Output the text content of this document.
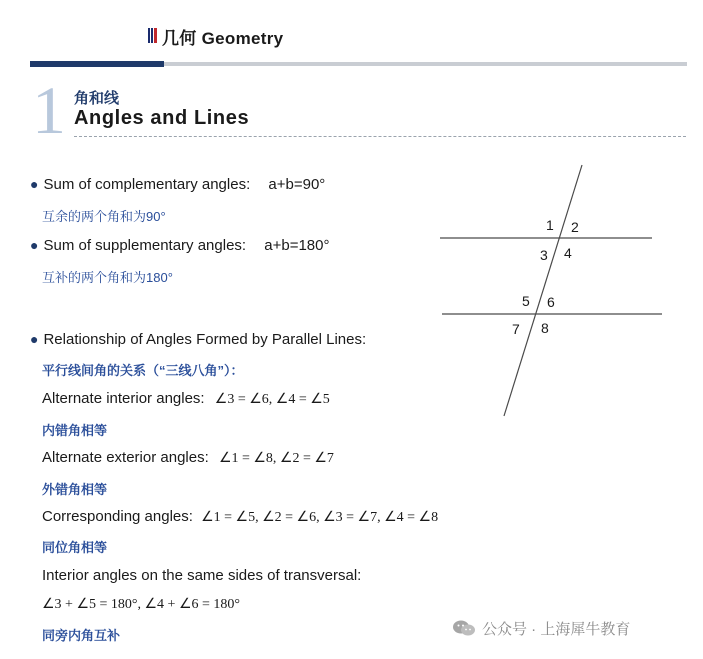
几何 Geometry
1 角和线
Angles and Lines
● Sum of complementary angles: a+b=90°
互余的两个角和为90°
● Sum of supplementary angles: a+b=180°
互补的两个角和为180°
● Relationship of Angles Formed by Parallel Lines:
平行线间角的关系（“三线八角”）：
Alternate interior angles: ∠3 = ∠6, ∠4 = ∠5
内错角相等
Alternate exterior angles: ∠1 = ∠8, ∠2 = ∠7
外错角相等
Corresponding angles: ∠1 = ∠5, ∠2 = ∠6, ∠3 = ∠7, ∠4 = ∠8
同位角相等
Interior angles on the same sides of transversal:
∠3 + ∠5 = 180°, ∠4 + ∠6 = 180°
同旁内角互补
1 2
3 4
5 6
7 8
公众号 · 上海犀牛教育
